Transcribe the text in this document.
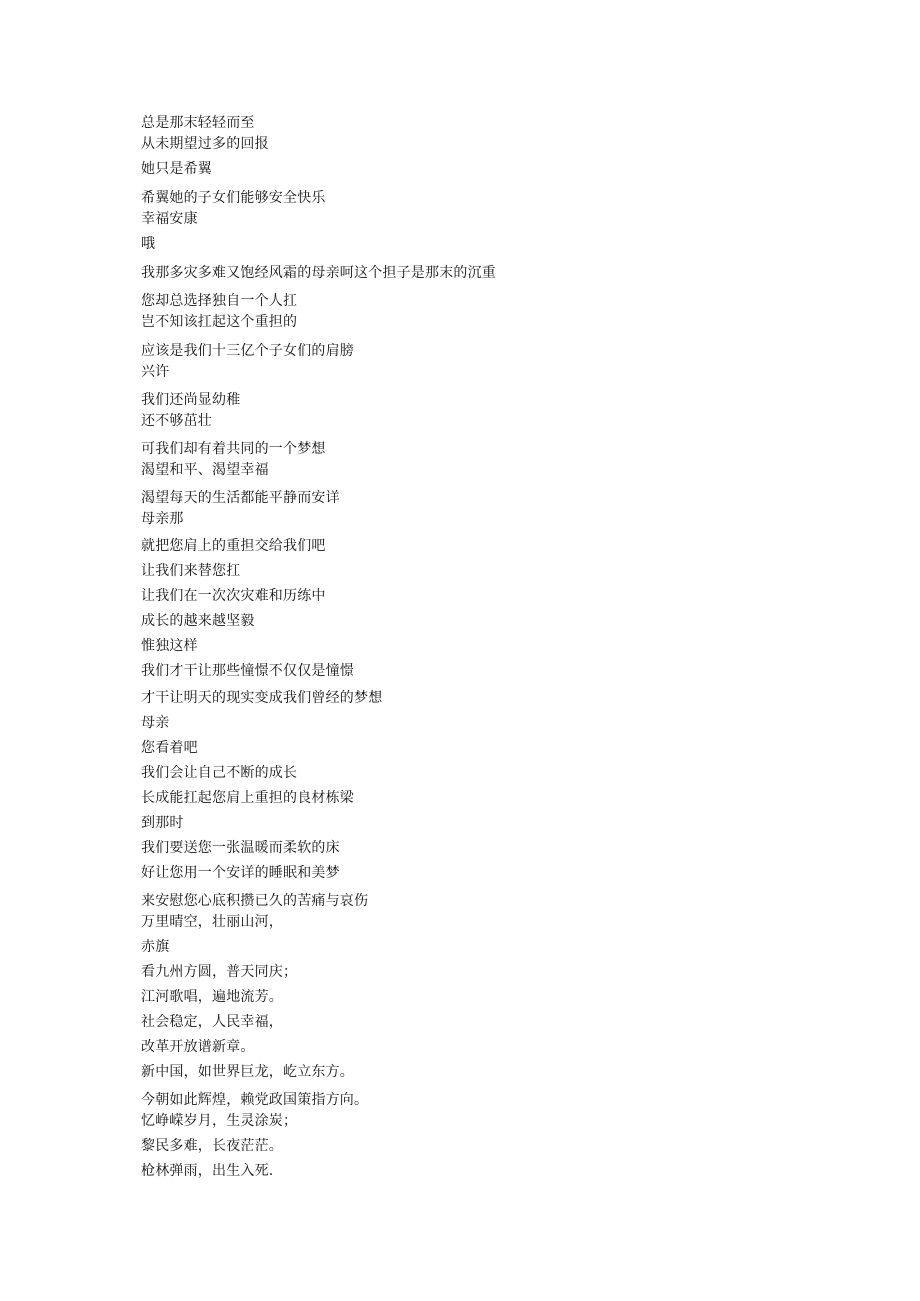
总是那末轻轻而至
从未期望过多的回报
她只是希翼
希翼她的子女们能够安全快乐
幸福安康
哦
我那多灾多难又饱经风霜的母亲呵这个担子是那末的沉重
您却总选择独自一个人扛
岂不知该扛起这个重担的
应该是我们十三亿个子女们的肩膀
兴许
我们还尚显幼稚
还不够茁壮
可我们却有着共同的一个梦想
渴望和平、渴望幸福
渴望每天的生活都能平静而安详
母亲那
就把您肩上的重担交给我们吧
让我们来替您扛
让我们在一次次灾难和历练中
成长的越来越坚毅
惟独这样
我们才干让那些憧憬不仅仅是憧憬
才干让明天的现实变成我们曾经的梦想
母亲
您看着吧
我们会让自己不断的成长
长成能扛起您肩上重担的良材栋梁
到那时
我们要送您一张温暖而柔软的床
好让您用一个安详的睡眠和美梦
来安慰您心底积攒已久的苦痛与哀伤
万里晴空，壮丽山河，
赤旗
看九州方圆，普天同庆；
江河歌唱，遍地流芳。
社会稳定，人民幸福，
改革开放谱新章。
新中国，如世界巨龙，屹立东方。
今朝如此辉煌，赖党政国策指方向。
忆峥嵘岁月，生灵涂炭；
黎民多难，长夜茫茫。
枪林弹雨，出生入死.
